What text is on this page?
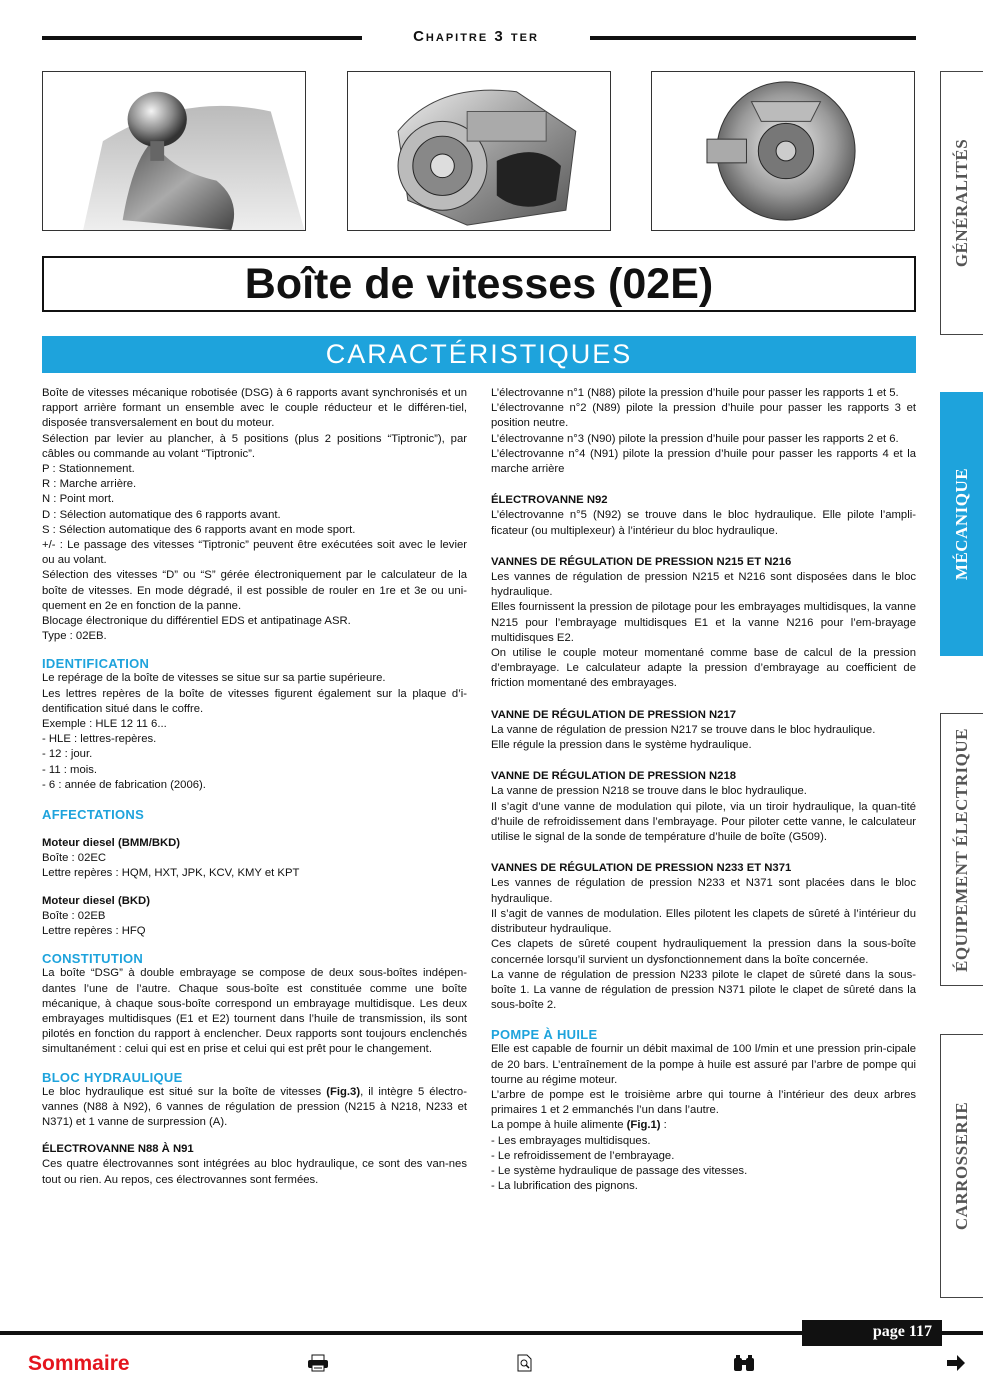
Chapitre 3 ter
GÉNÉRALITÉS
MÉCANIQUE
ÉQUIPEMENT ÉLECTRIQUE
CARROSSERIE
Boîte de vitesses (02E)
CARACTÉRISTIQUES
Boîte de vitesses mécanique robotisée (DSG) à 6 rapports avant synchronisés et un rapport arrière formant un ensemble avec le couple réducteur et le différen-tiel, disposée transversalement en bout du moteur.
Sélection par levier au plancher, à 5 positions (plus 2 positions “Tiptronic”), par câbles ou commande au volant “Tiptronic”.
P : Stationnement.
R : Marche arrière.
N : Point mort.
D : Sélection automatique des 6 rapports avant.
S : Sélection automatique des 6 rapports avant en mode sport.
+/- : Le passage des vitesses “Tiptronic” peuvent être exécutées soit avec le levier ou au volant.
Sélection des vitesses “D” ou “S” gérée électroniquement par le calculateur de la boîte de vitesses. En mode dégradé, il est possible de rouler en 1re et 3e ou uni-quement en 2e en fonction de la panne.
Blocage électronique du différentiel EDS et antipatinage ASR.
Type : 02EB.
IDENTIFICATION
Le repérage de la boîte de vitesses se situe sur sa partie supérieure.
Les lettres repères de la boîte de vitesses figurent également sur la plaque d’i-dentification situé dans le coffre.
Exemple : HLE 12 11 6...
- HLE : lettres-repères.
- 12 : jour.
- 11 : mois.
- 6 : année de fabrication (2006).
AFFECTATIONS
Moteur diesel (BMM/BKD)
Boîte : 02EC
Lettre repères : HQM, HXT, JPK, KCV, KMY et KPT
Moteur diesel (BKD)
Boîte : 02EB
Lettre repères : HFQ
CONSTITUTION
La boîte “DSG” à double embrayage se compose de deux sous-boîtes indépen-dantes l’une de l’autre. Chaque sous-boîte est constituée comme une boîte mécanique, à chaque sous-boîte correspond un embrayage multidisque. Les deux embrayages multidisques (E1 et E2) tournent dans l’huile de transmission, ils sont pilotés en fonction du rapport à enclencher. Deux rapports sont toujours enclenchés simultanément : celui qui est en prise et celui qui est prêt pour le changement.
BLOC HYDRAULIQUE
Le bloc hydraulique est situé sur la boîte de vitesses (Fig.3), il intègre 5 électro-vannes (N88 à N92), 6 vannes de régulation de pression (N215 à N218, N233 et N371) et 1 vanne de surpression (A).
ÉLECTROVANNE N88 À N91
Ces quatre électrovannes sont intégrées au bloc hydraulique, ce sont des van-nes tout ou rien. Au repos, ces électrovannes sont fermées.
L’électrovanne n°1 (N88) pilote la pression d’huile pour passer les rapports 1 et 5.
L’électrovanne n°2 (N89) pilote la pression d’huile pour passer les rapports 3 et position neutre.
L’électrovanne n°3 (N90) pilote la pression d’huile pour passer les rapports 2 et 6.
L’électrovanne n°4 (N91) pilote la pression d’huile pour passer les rapports 4 et la marche arrière
ÉLECTROVANNE N92
L’électrovanne n°5 (N92) se trouve dans le bloc hydraulique. Elle pilote l’ampli-ficateur (ou multiplexeur) à l’intérieur du bloc hydraulique.
VANNES DE RÉGULATION DE PRESSION N215 ET N216
Les vannes de régulation de pression N215 et N216 sont disposées dans le bloc hydraulique.
Elles fournissent la pression de pilotage pour les embrayages multidisques, la vanne N215 pour l’embrayage multidisques E1 et la vanne N216 pour l’em-brayage multidisques E2.
On utilise le couple moteur momentané comme base de calcul de la pression d’embrayage. Le calculateur adapte la pression d’embrayage au coefficient de friction momentané des embrayages.
VANNE DE RÉGULATION DE PRESSION N217
La vanne de régulation de pression N217 se trouve dans le bloc hydraulique.
Elle régule la pression dans le système hydraulique.
VANNE DE RÉGULATION DE PRESSION N218
La vanne de pression N218 se trouve dans le bloc hydraulique.
Il s’agit d’une vanne de modulation qui pilote, via un tiroir hydraulique, la quan-tité d’huile de refroidissement dans l’embrayage. Pour piloter cette vanne, le calculateur utilise le signal de la sonde de température d’huile de boîte (G509).
VANNES DE RÉGULATION DE PRESSION N233 ET N371
Les vannes de régulation de pression N233 et N371 sont placées dans le bloc hydraulique.
Il s’agit de vannes de modulation. Elles pilotent les clapets de sûreté à l’intérieur du distributeur hydraulique.
Ces clapets de sûreté coupent hydrauliquement la pression dans la sous-boîte concernée lorsqu’il survient un dysfonctionnement dans la boîte concernée.
La vanne de régulation de pression N233 pilote le clapet de sûreté dans la sous-boîte 1. La vanne de régulation de pression N371 pilote le clapet de sûreté dans la sous-boîte 2.
POMPE À HUILE
Elle est capable de fournir un débit maximal de 100 l/min et une pression prin-cipale de 20 bars. L’entraînement de la pompe à huile est assuré par l’arbre de pompe qui tourne au régime moteur.
L’arbre de pompe est le troisième arbre qui tourne à l’intérieur des deux arbres primaires 1 et 2 emmanchés l’un dans l’autre.
La pompe à huile alimente (Fig.1) :
- Les embrayages multidisques.
- Le refroidissement de l’embrayage.
- Le système hydraulique de passage des vitesses.
- La lubrification des pignons.
page 117
Sommaire
